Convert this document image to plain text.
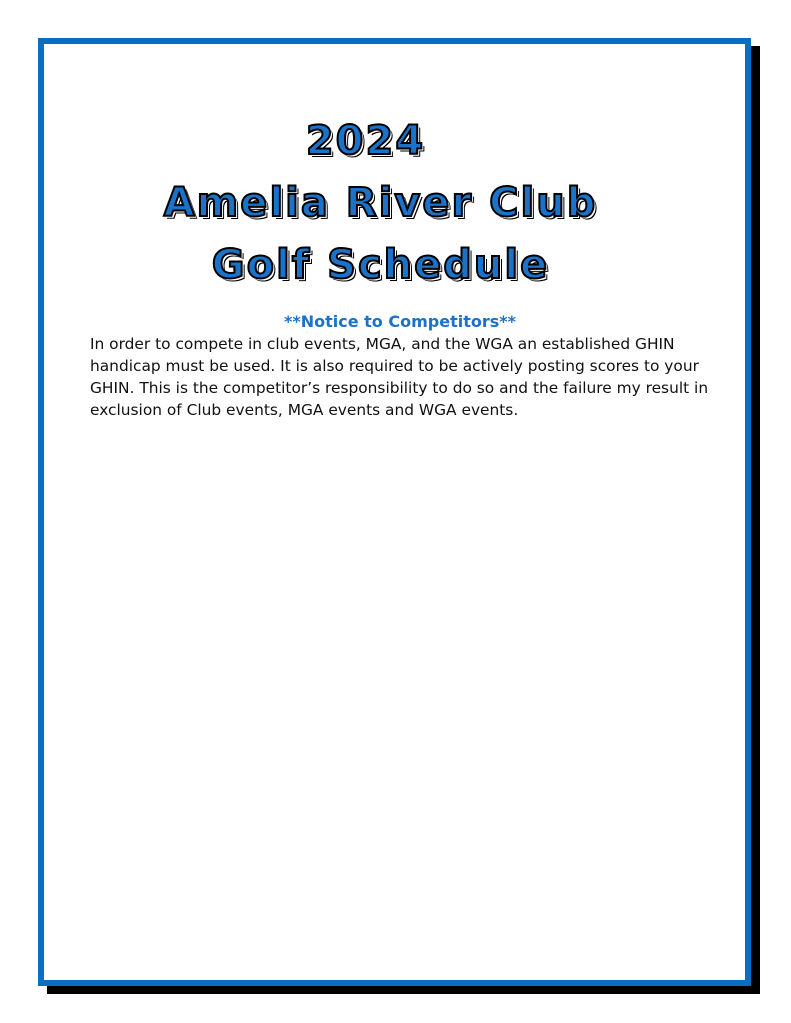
2024
Amelia River Club
Golf Schedule
**Notice to Competitors**
In order to compete in club events, MGA, and the WGA an established GHIN
handicap must be used. It is also required to be actively posting scores to your
GHIN. This is the competitor’s responsibility to do so and the failure my result in
exclusion of Club events, MGA events and WGA events.
